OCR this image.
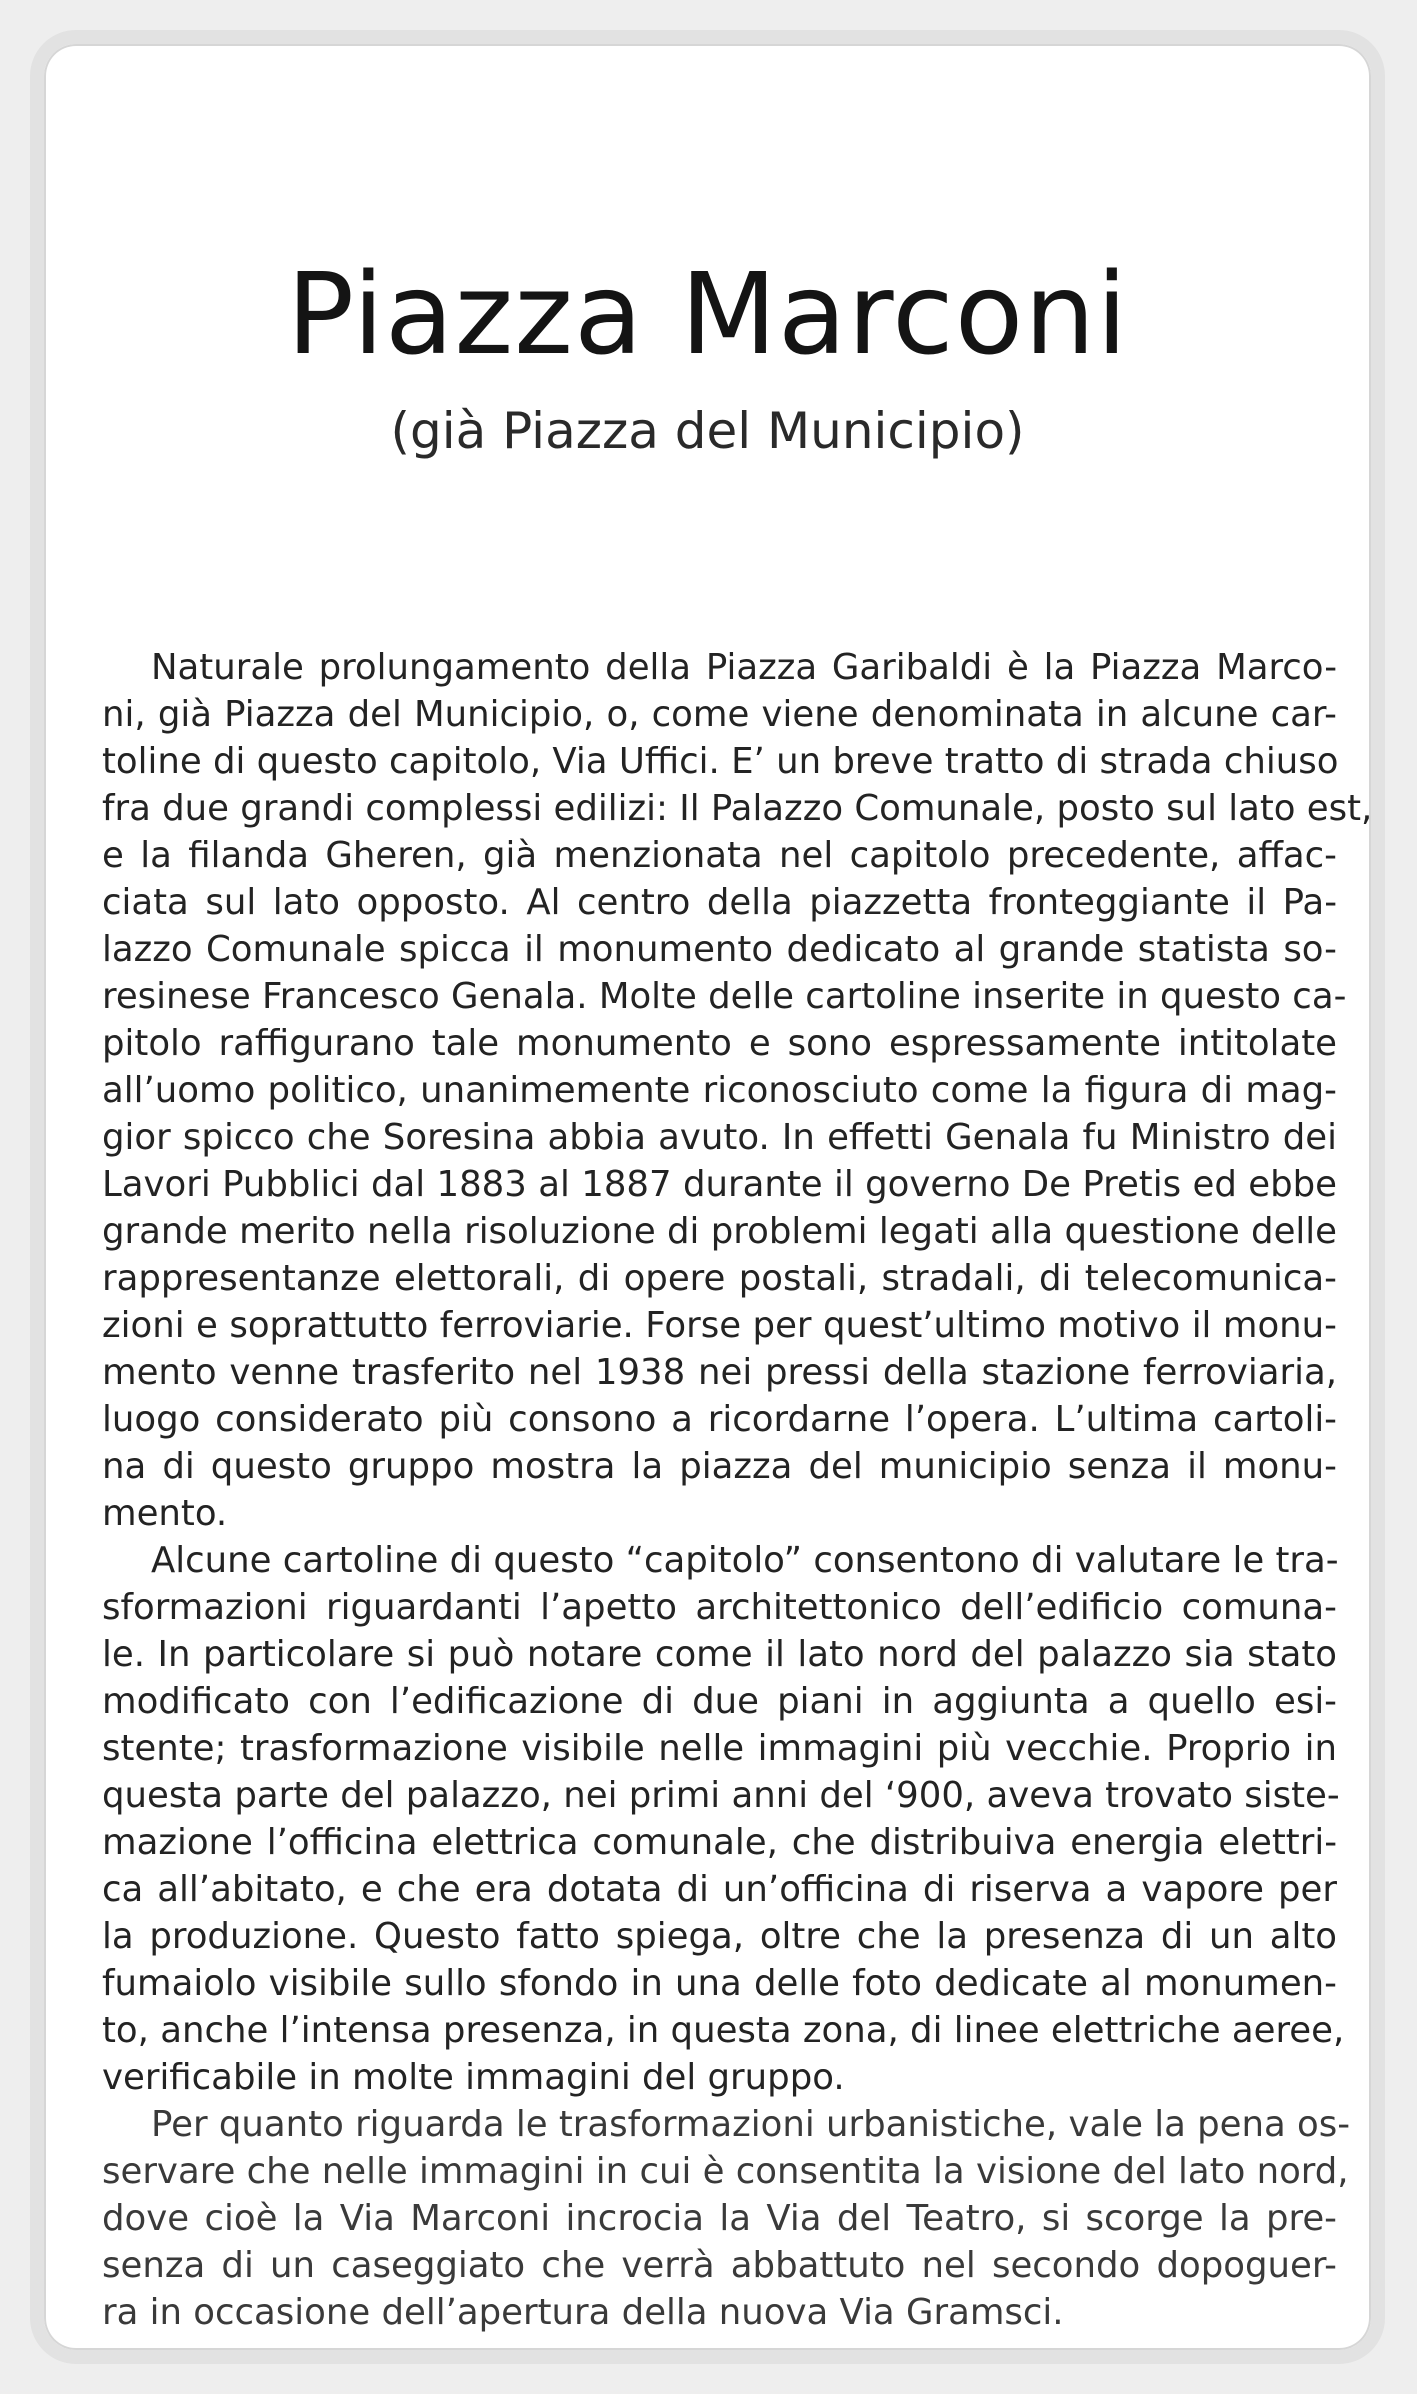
Piazza Marconi
(già Piazza del Municipio)
Naturale prolungamento della Piazza Garibaldi è la Piazza Marco-
ni, già Piazza del Municipio, o, come viene denominata in alcune car-
toline di questo capitolo, Via Uffici. E’ un breve tratto di strada chiuso
fra due grandi complessi edilizi: Il Palazzo Comunale, posto sul lato est,
e la filanda Gheren, già menzionata nel capitolo precedente, affac-
ciata sul lato opposto. Al centro della piazzetta fronteggiante il Pa-
lazzo Comunale spicca il monumento dedicato al grande statista so-
resinese Francesco Genala. Molte delle cartoline inserite in questo ca-
pitolo raffigurano tale monumento e sono espressamente intitolate
all’uomo politico, unanimemente riconosciuto come la figura di mag-
gior spicco che Soresina abbia avuto. In effetti Genala fu Ministro dei
Lavori Pubblici dal 1883 al 1887 durante il governo De Pretis ed ebbe
grande merito nella risoluzione di problemi legati alla questione delle
rappresentanze elettorali, di opere postali, stradali, di telecomunica-
zioni e soprattutto ferroviarie. Forse per quest’ultimo motivo il monu-
mento venne trasferito nel 1938 nei pressi della stazione ferroviaria,
luogo considerato più consono a ricordarne l’opera. L’ultima cartoli-
na di questo gruppo mostra la piazza del municipio senza il monu-
mento.
Alcune cartoline di questo “capitolo” consentono di valutare le tra-
sformazioni riguardanti l’apetto architettonico dell’edificio comuna-
le. In particolare si può notare come il lato nord del palazzo sia stato
modificato con l’edificazione di due piani in aggiunta a quello esi-
stente; trasformazione visibile nelle immagini più vecchie. Proprio in
questa parte del palazzo, nei primi anni del ‘900, aveva trovato siste-
mazione l’officina elettrica comunale, che distribuiva energia elettri-
ca all’abitato, e che era dotata di un’officina di riserva a vapore per
la produzione. Questo fatto spiega, oltre che la presenza di un alto
fumaiolo visibile sullo sfondo in una delle foto dedicate al monumen-
to, anche l’intensa presenza, in questa zona, di linee elettriche aeree,
verificabile in molte immagini del gruppo.
Per quanto riguarda le trasformazioni urbanistiche, vale la pena os-
servare che nelle immagini in cui è consentita la visione del lato nord,
dove cioè la Via Marconi incrocia la Via del Teatro, si scorge la pre-
senza di un caseggiato che verrà abbattuto nel secondo dopoguer-
ra in occasione dell’apertura della nuova Via Gramsci.
